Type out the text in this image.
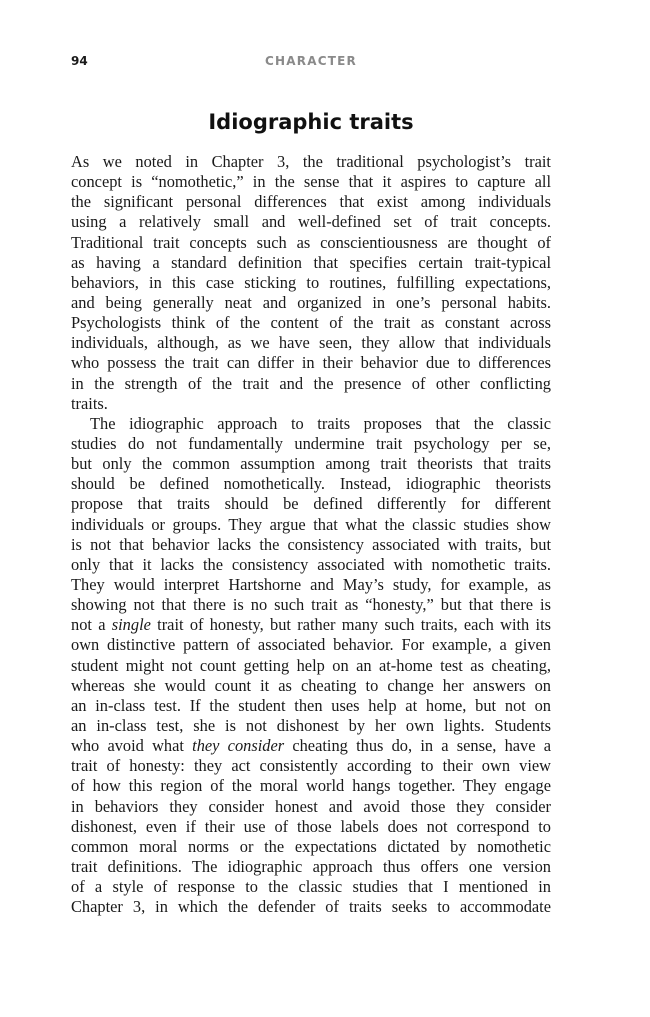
94	CHARACTER
Idiographic traits
As we noted in Chapter 3, the traditional psychologist’s trait
concept is “nomothetic,” in the sense that it aspires to capture all
the significant personal differences that exist among individuals
using a relatively small and well-defined set of trait concepts.
Traditional trait concepts such as conscientiousness are thought of
as having a standard definition that specifies certain trait-typical
behaviors, in this case sticking to routines, fulfilling expectations,
and being generally neat and organized in one’s personal habits.
Psychologists think of the content of the trait as constant across
individuals, although, as we have seen, they allow that individuals
who possess the trait can differ in their behavior due to differences
in the strength of the trait and the presence of other conflicting
traits.
The idiographic approach to traits proposes that the classic
studies do not fundamentally undermine trait psychology per se,
but only the common assumption among trait theorists that traits
should be defined nomothetically. Instead, idiographic theorists
propose that traits should be defined differently for different
individuals or groups. They argue that what the classic studies show
is not that behavior lacks the consistency associated with traits, but
only that it lacks the consistency associated with nomothetic traits.
They would interpret Hartshorne and May’s study, for example, as
showing not that there is no such trait as “honesty,” but that there is
not a single trait of honesty, but rather many such traits, each with its
own distinctive pattern of associated behavior. For example, a given
student might not count getting help on an at-home test as cheating,
whereas she would count it as cheating to change her answers on
an in-class test. If the student then uses help at home, but not on
an in-class test, she is not dishonest by her own lights. Students
who avoid what they consider cheating thus do, in a sense, have a
trait of honesty: they act consistently according to their own view
of how this region of the moral world hangs together. They engage
in behaviors they consider honest and avoid those they consider
dishonest, even if their use of those labels does not correspond to
common moral norms or the expectations dictated by nomothetic
trait definitions. The idiographic approach thus offers one version
of a style of response to the classic studies that I mentioned in
Chapter 3, in which the defender of traits seeks to accommodate
